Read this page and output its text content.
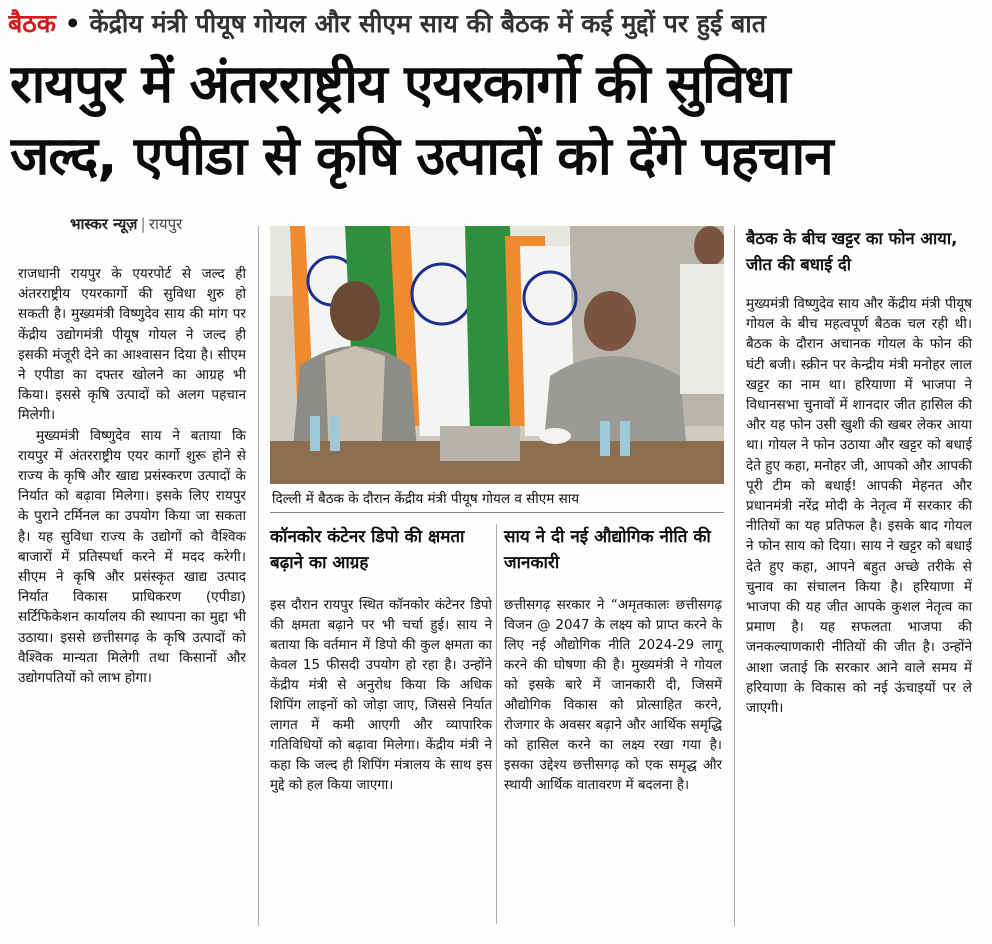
बैठक • केंद्रीय मंत्री पीयूष गोयल और सीएम साय की बैठक में कई मुद्दों पर हुई बात
रायपुर में अंतरराष्ट्रीय एयरकार्गो की सुविधा
जल्द, एपीडा से कृषि उत्पादों को देंगे पहचान
भास्कर न्यूज़ | रायपुर

राजधानी रायपुर के एयरपोर्ट से जल्द ही अंतरराष्ट्रीय एयरकार्गो की सुविधा शुरु हो सकती है। मुख्यमंत्री विष्णुदेव साय की मांग पर केंद्रीय उद्योगमंत्री पीयूष गोयल ने जल्द ही इसकी मंजूरी देने का आश्वासन दिया है। सीएम ने एपीडा का दफ्तर खोलने का आग्रह भी किया। इससे कृषि उत्पादों को अलग पहचान मिलेगी।

मुख्यमंत्री विष्णुदेव साय ने बताया कि रायपुर में अंतरराष्ट्रीय एयर कार्गो शुरू होने से राज्य के कृषि और खाद्य प्रसंस्करण उत्पादों के निर्यात को बढ़ावा मिलेगा। इसके लिए रायपुर के पुराने टर्मिनल का उपयोग किया जा सकता है। यह सुविधा राज्य के उद्योगों को वैश्विक बाजारों में प्रतिस्पर्धा करने में मदद करेगी। सीएम ने कृषि और प्रसंस्कृत खाद्य उत्पाद निर्यात विकास प्राधिकरण (एपीडा) सर्टिफिकेशन कार्यालय की स्थापना का मुद्दा भी उठाया। इससे छत्तीसगढ़ के कृषि उत्पादों को वैश्विक मान्यता मिलेगी तथा किसानों और उद्योगपतियों को लाभ होगा।

दिल्ली में बैठक के दौरान केंद्रीय मंत्री पीयूष गोयल व सीएम साय
कॉनकोर कंटेनर डिपो की क्षमता बढ़ाने का आग्रह

इस दौरान रायपुर स्थित कॉनकोर कंटेनर डिपो की क्षमता बढ़ाने पर भी चर्चा हुई। साय ने बताया कि वर्तमान में डिपो की कुल क्षमता का केवल 15 फीसदी उपयोग हो रहा है। उन्होंने केंद्रीय मंत्री से अनुरोध किया कि अधिक शिपिंग लाइनों को जोड़ा जाए, जिससे निर्यात लागत में कमी आएगी और व्यापारिक गतिविधियों को बढ़ावा मिलेगा। केंद्रीय मंत्री ने कहा कि जल्द ही शिपिंग मंत्रालय के साथ इस मुद्दे को हल किया जाएगा।

साय ने दी नई औद्योगिक नीति की जानकारी

छत्तीसगढ़ सरकार ने “अमृतकालः छत्तीसगढ़ विजन @ 2047 के लक्ष्य को प्राप्त करने के लिए नई औद्योगिक नीति 2024-29 लागू करने की घोषणा की है। मुख्यमंत्री ने गोयल को इसके बारे में जानकारी दी, जिसमें औद्योगिक विकास को प्रोत्साहित करने, रोजगार के अवसर बढ़ाने और आर्थिक समृद्धि को हासिल करने का लक्ष्य रखा गया है। इसका उद्देश्य छत्तीसगढ़ को एक समृद्ध और स्थायी आर्थिक वातावरण में बदलना है।

बैठक के बीच खट्टर का फोन आया, जीत की बधाई दी

मुख्यमंत्री विष्णुदेव साय और केंद्रीय मंत्री पीयूष गोयल के बीच महत्वपूर्ण बैठक चल रही थी। बैठक के दौरान अचानक गोयल के फोन की घंटी बजी। स्क्रीन पर केन्द्रीय मंत्री मनोहर लाल खट्टर का नाम था। हरियाणा में भाजपा ने विधानसभा चुनावों में शानदार जीत हासिल की और यह फोन उसी खुशी की खबर लेकर आया था। गोयल ने फोन उठाया और खट्टर को बधाई देते हुए कहा, मनोहर जी, आपको और आपकी पूरी टीम को बधाई! आपकी मेहनत और प्रधानमंत्री नरेंद्र मोदी के नेतृत्व में सरकार की नीतियों का यह प्रतिफल है। इसके बाद गोयल ने फोन साय को दिया। साय ने खट्टर को बधाई देते हुए कहा, आपने बहुत अच्छे तरीके से चुनाव का संचालन किया है। हरियाणा में भाजपा की यह जीत आपके कुशल नेतृत्व का प्रमाण है। यह सफलता भाजपा की जनकल्याणकारी नीतियों की जीत है। उन्होंने आशा जताई कि सरकार आने वाले समय में हरियाणा के विकास को नई ऊंचाइयों पर ले जाएगी।
